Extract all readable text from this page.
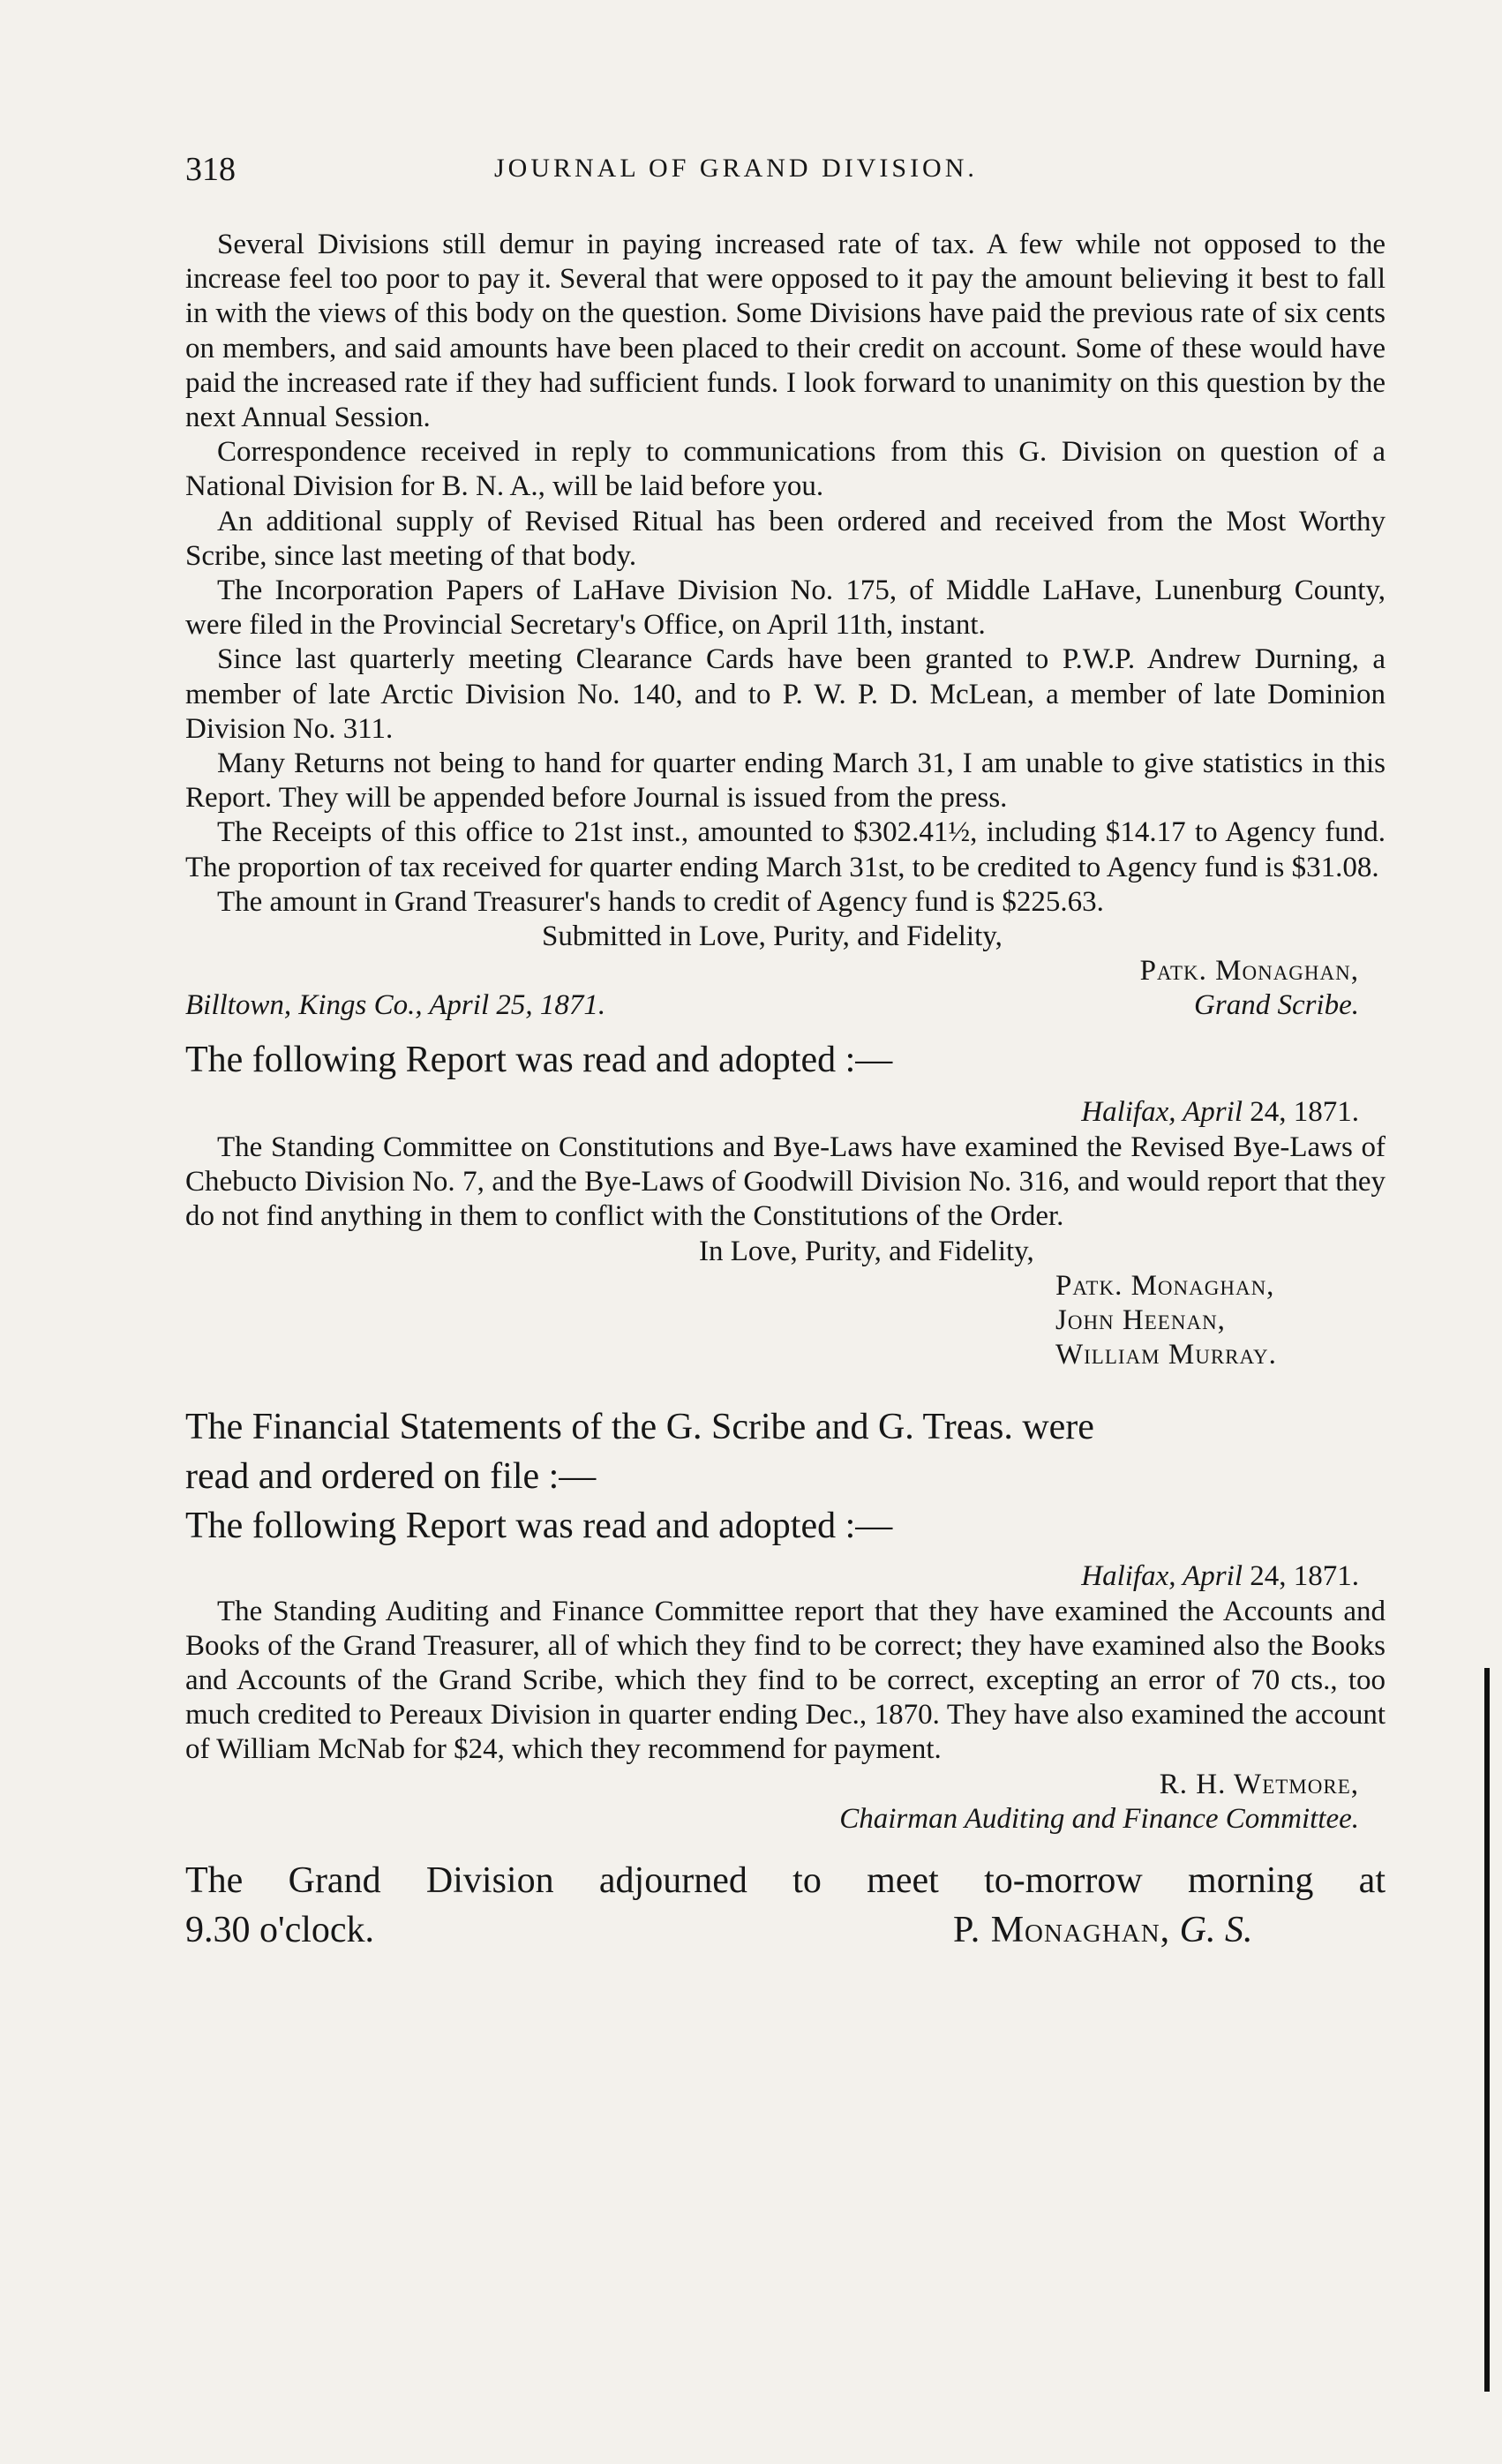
318	JOURNAL OF GRAND DIVISION.

Several Divisions still demur in paying increased rate of tax. A few while not opposed to the increase feel too poor to pay it. Several that were opposed to it pay the amount believing it best to fall in with the views of this body on the question. Some Divisions have paid the previous rate of six cents on members, and said amounts have been placed to their credit on account. Some of these would have paid the increased rate if they had sufficient funds. I look forward to unanimity on this question by the next Annual Session.

Correspondence received in reply to communications from this G. Division on question of a National Division for B. N. A., will be laid before you.

An additional supply of Revised Ritual has been ordered and received from the Most Worthy Scribe, since last meeting of that body.

The Incorporation Papers of LaHave Division No. 175, of Middle LaHave, Lunenburg County, were filed in the Provincial Secretary's Office, on April 11th, instant.

Since last quarterly meeting Clearance Cards have been granted to P.W.P. Andrew Durning, a member of late Arctic Division No. 140, and to P. W. P. D. McLean, a member of late Dominion Division No. 311.

Many Returns not being to hand for quarter ending March 31, I am unable to give statistics in this Report. They will be appended before Journal is issued from the press.

The Receipts of this office to 21st inst., amounted to $302.41½, including $14.17 to Agency fund. The proportion of tax received for quarter ending March 31st, to be credited to Agency fund is $31.08.

The amount in Grand Treasurer's hands to credit of Agency fund is $225.63.

Submitted in Love, Purity, and Fidelity,
Patk. Monaghan,
Billtown, Kings Co., April 25, 1871.	Grand Scribe.

The following Report was read and adopted :—

Halifax, April 24, 1871.

The Standing Committee on Constitutions and Bye-Laws have examined the Revised Bye-Laws of Chebucto Division No. 7, and the Bye-Laws of Goodwill Division No. 316, and would report that they do not find anything in them to conflict with the Constitutions of the Order.

In Love, Purity, and Fidelity,
Patk. Monaghan,
John Heenan,
William Murray.

The Financial Statements of the G. Scribe and G. Treas. were

read and ordered on file :—

The following Report was read and adopted :—

Halifax, April 24, 1871.

The Standing Auditing and Finance Committee report that they have examined the Accounts and Books of the Grand Treasurer, all of which they find to be correct; they have examined also the Books and Accounts of the Grand Scribe, which they find to be correct, excepting an error of 70 cts., too much credited to Pereaux Division in quarter ending Dec., 1870. They have also examined the account of William McNab for $24, which they recommend for payment.

R. H. Wetmore,
Chairman Auditing and Finance Committee.

The Grand Division adjourned to meet to-morrow morning at

9.30 o'clock.	P. Monaghan, G. S.
